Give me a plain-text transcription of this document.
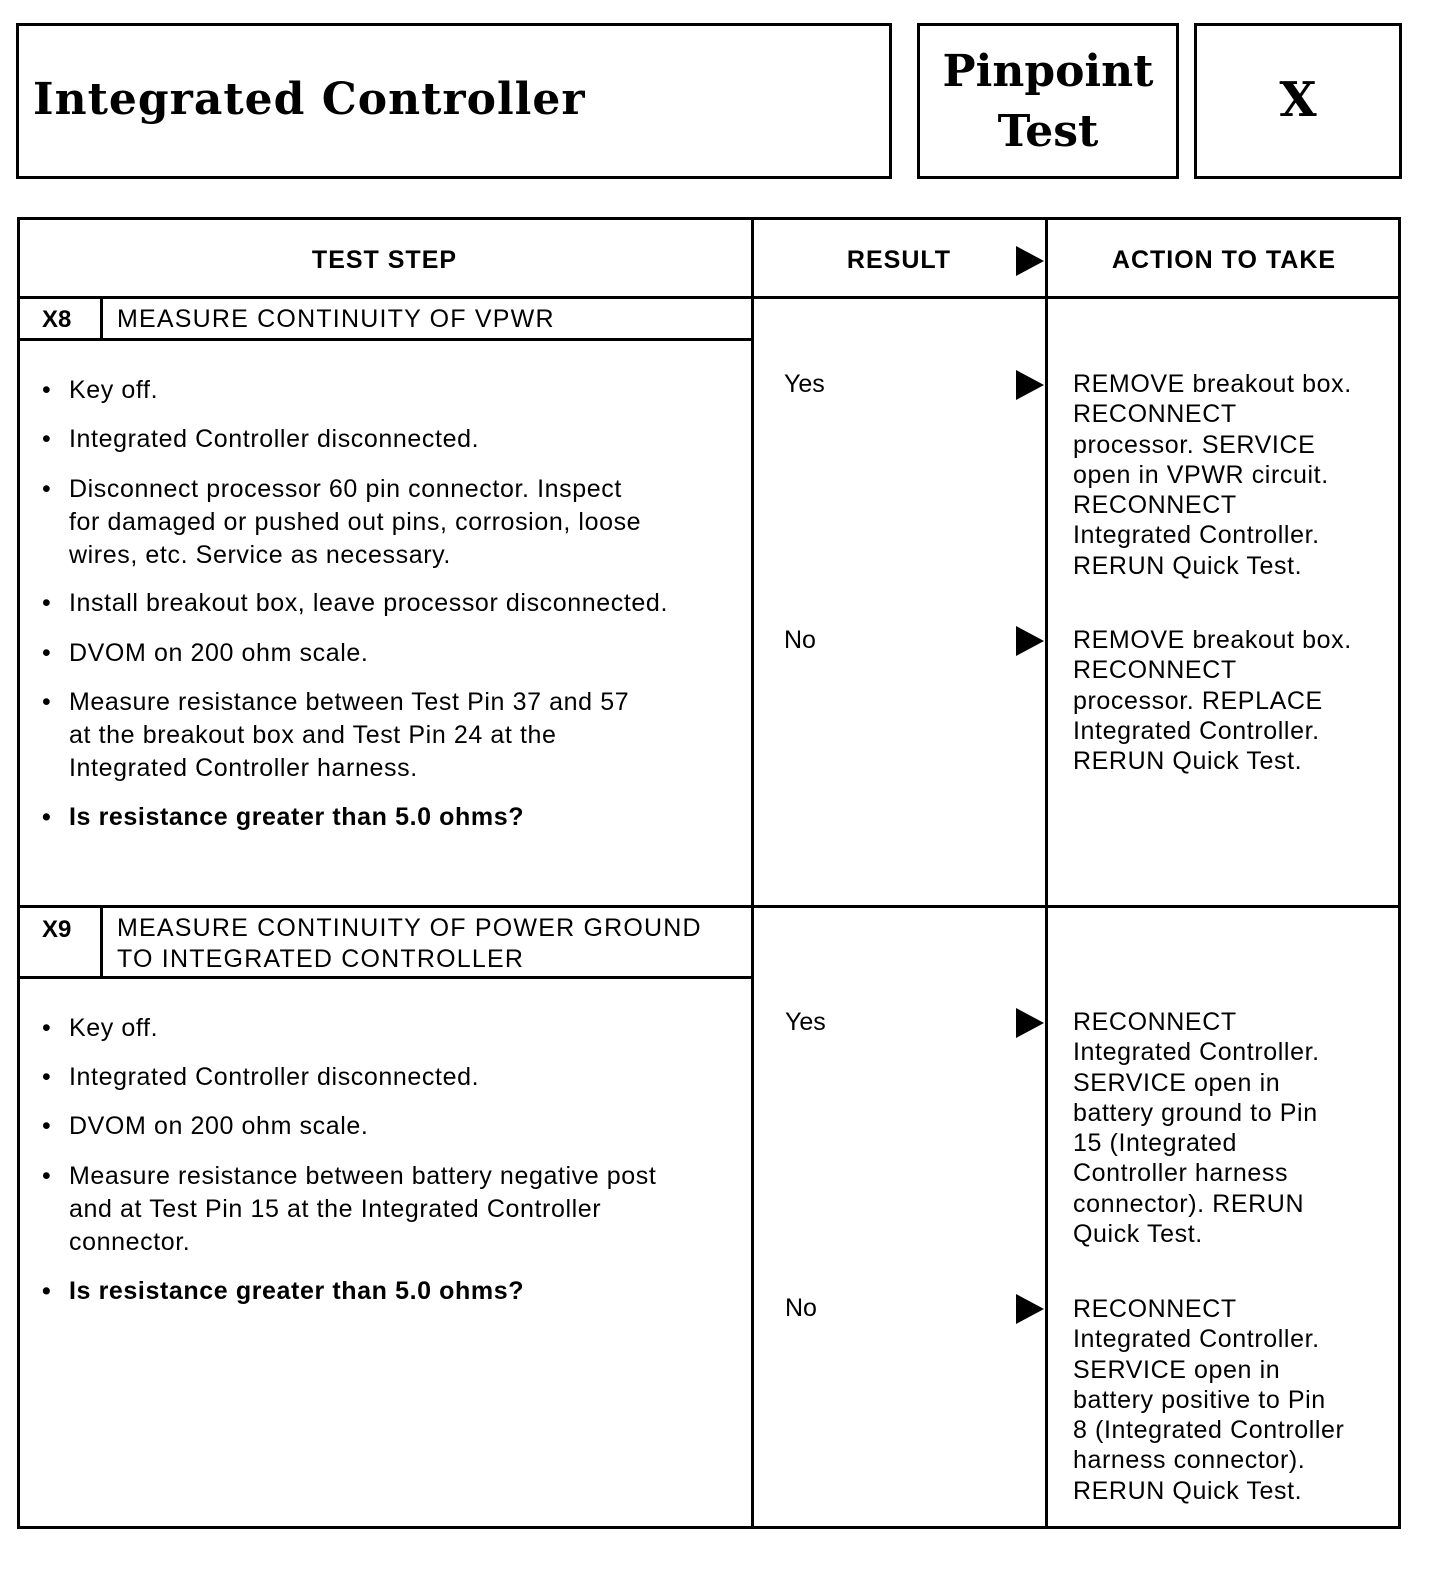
Integrated Controller
Pinpoint
Test
X
TEST STEP	RESULT	ACTION TO TAKE
X8 MEASURE CONTINUITY OF VPWR
• Key off.
• Integrated Controller disconnected.
• Disconnect processor 60 pin connector. Inspect
for damaged or pushed out pins, corrosion, loose
wires, etc. Service as necessary.
• Install breakout box, leave processor disconnected.
• DVOM on 200 ohm scale.
• Measure resistance between Test Pin 37 and 57
at the breakout box and Test Pin 24 at the
Integrated Controller harness.
• Is resistance greater than 5.0 ohms?
Yes	REMOVE breakout box.
RECONNECT
processor. SERVICE
open in VPWR circuit.
RECONNECT
Integrated Controller.
RERUN Quick Test.
No	REMOVE breakout box.
RECONNECT
processor. REPLACE
Integrated Controller.
RERUN Quick Test.
X9 MEASURE CONTINUITY OF POWER GROUND
TO INTEGRATED CONTROLLER
• Key off.
• Integrated Controller disconnected.
• DVOM on 200 ohm scale.
• Measure resistance between battery negative post
and at Test Pin 15 at the Integrated Controller
connector.
• Is resistance greater than 5.0 ohms?
Yes	RECONNECT
Integrated Controller.
SERVICE open in
battery ground to Pin
15 (Integrated
Controller harness
connector). RERUN
Quick Test.
No	RECONNECT
Integrated Controller.
SERVICE open in
battery positive to Pin
8 (Integrated Controller
harness connector).
RERUN Quick Test.
